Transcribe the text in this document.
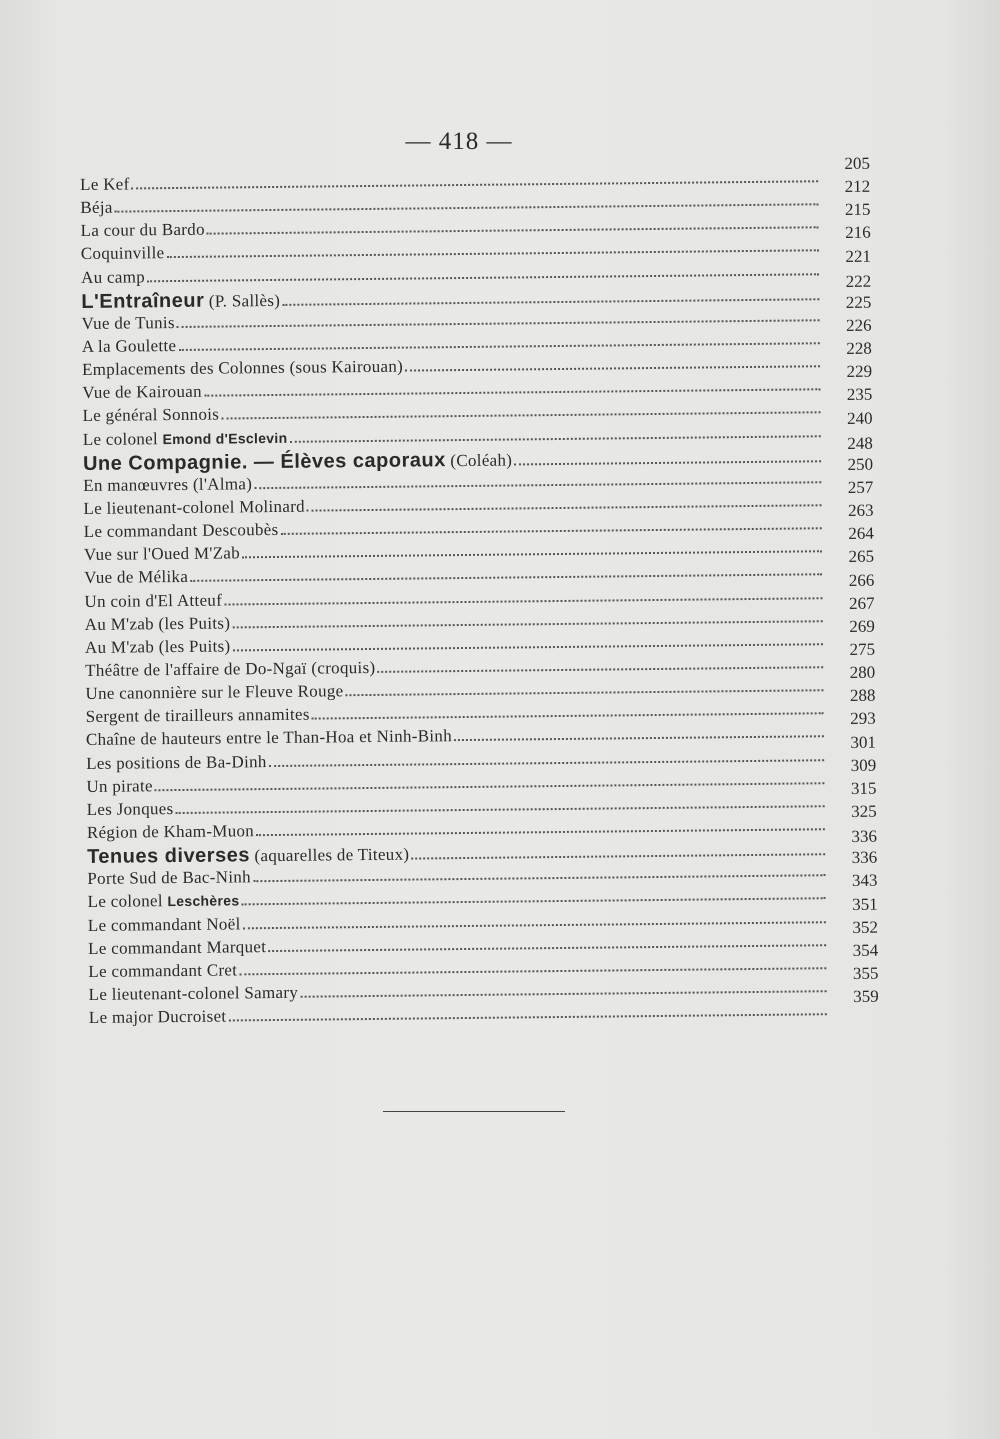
— 418 —
Le Kef
205
Béja
212
La cour du Bardo
215
Coquinville
216
Au camp
221
L'Entraîneur (P. Sallès)
222
Vue de Tunis
225
A la Goulette
226
Emplacements des Colonnes (sous Kairouan)
228
Vue de Kairouan
229
Le général Sonnois
235
Le colonel Emond d'Esclevin
240
Une Compagnie. — Élèves caporaux (Coléah)
248
En manœuvres (l'Alma)
250
Le lieutenant-colonel Molinard
257
Le commandant Descoubès
263
Vue sur l'Oued M'Zab
264
Vue de Mélika
265
Un coin d'El Atteuf
266
Au M'zab (les Puits)
267
Au M'zab (les Puits)
269
Théâtre de l'affaire de Do-Ngaï (croquis)
275
Une canonnière sur le Fleuve Rouge
280
Sergent de tirailleurs annamites
288
Chaîne de hauteurs entre le Than-Hoa et Ninh-Binh
293
Les positions de Ba-Dinh
301
Un pirate
309
Les Jonques
315
Région de Kham-Muon
325
Tenues diverses (aquarelles de Titeux)
336
Porte Sud de Bac-Ninh
336
Le colonel Leschères
343
Le commandant Noël
351
Le commandant Marquet
352
Le commandant Cret
354
Le lieutenant-colonel Samary
355
Le major Ducroiset
359
